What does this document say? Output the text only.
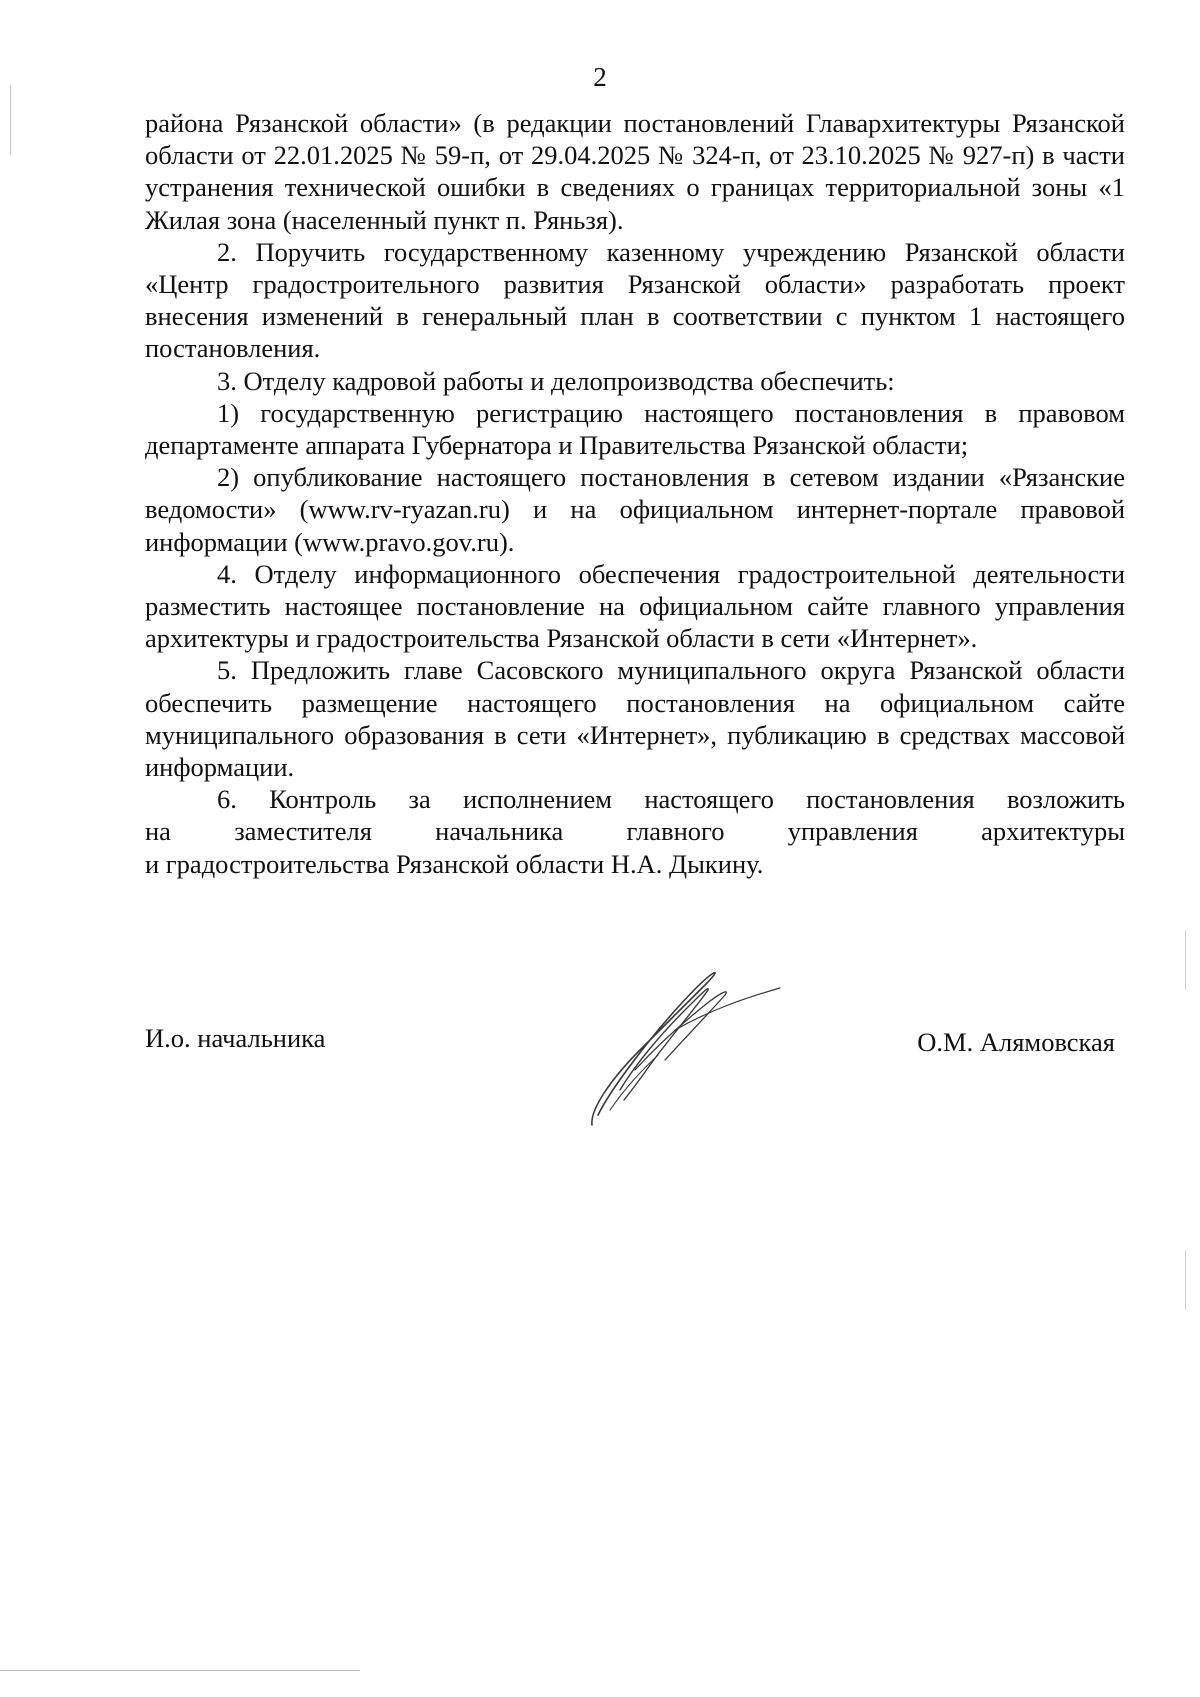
2

района Рязанской области» (в редакции постановлений Главархитектуры Рязанской области от 22.01.2025 № 59-п, от 29.04.2025 № 324-п, от 23.10.2025 № 927-п) в части устранения технической ошибки в сведениях о границах территориальной зоны «1 Жилая зона (населенный пункт п. Ряньзя).

2. Поручить государственному казенному учреждению Рязанской области «Центр градостроительного развития Рязанской области» разработать проект внесения изменений в генеральный план в соответствии с пунктом 1 настоящего постановления.

3. Отделу кадровой работы и делопроизводства обеспечить:

1) государственную регистрацию настоящего постановления в правовом департаменте аппарата Губернатора и Правительства Рязанской области;

2) опубликование настоящего постановления в сетевом издании «Рязанские ведомости» (www.rv-ryazan.ru) и на официальном интернет-портале правовой информации (www.pravo.gov.ru).

4. Отделу информационного обеспечения градостроительной деятельности разместить настоящее постановление на официальном сайте главного управления архитектуры и градостроительства Рязанской области в сети «Интернет».

5. Предложить главе Сасовского муниципального округа Рязанской области обеспечить размещение настоящего постановления на официальном сайте муниципального образования в сети «Интернет», публикацию в средствах массовой информации.

6. Контроль за исполнением настоящего постановления возложить
на заместителя начальника главного управления архитектуры
и градостроительства Рязанской области Н.А. Дыкину.
И.о. начальника	О.М. Алямовская
